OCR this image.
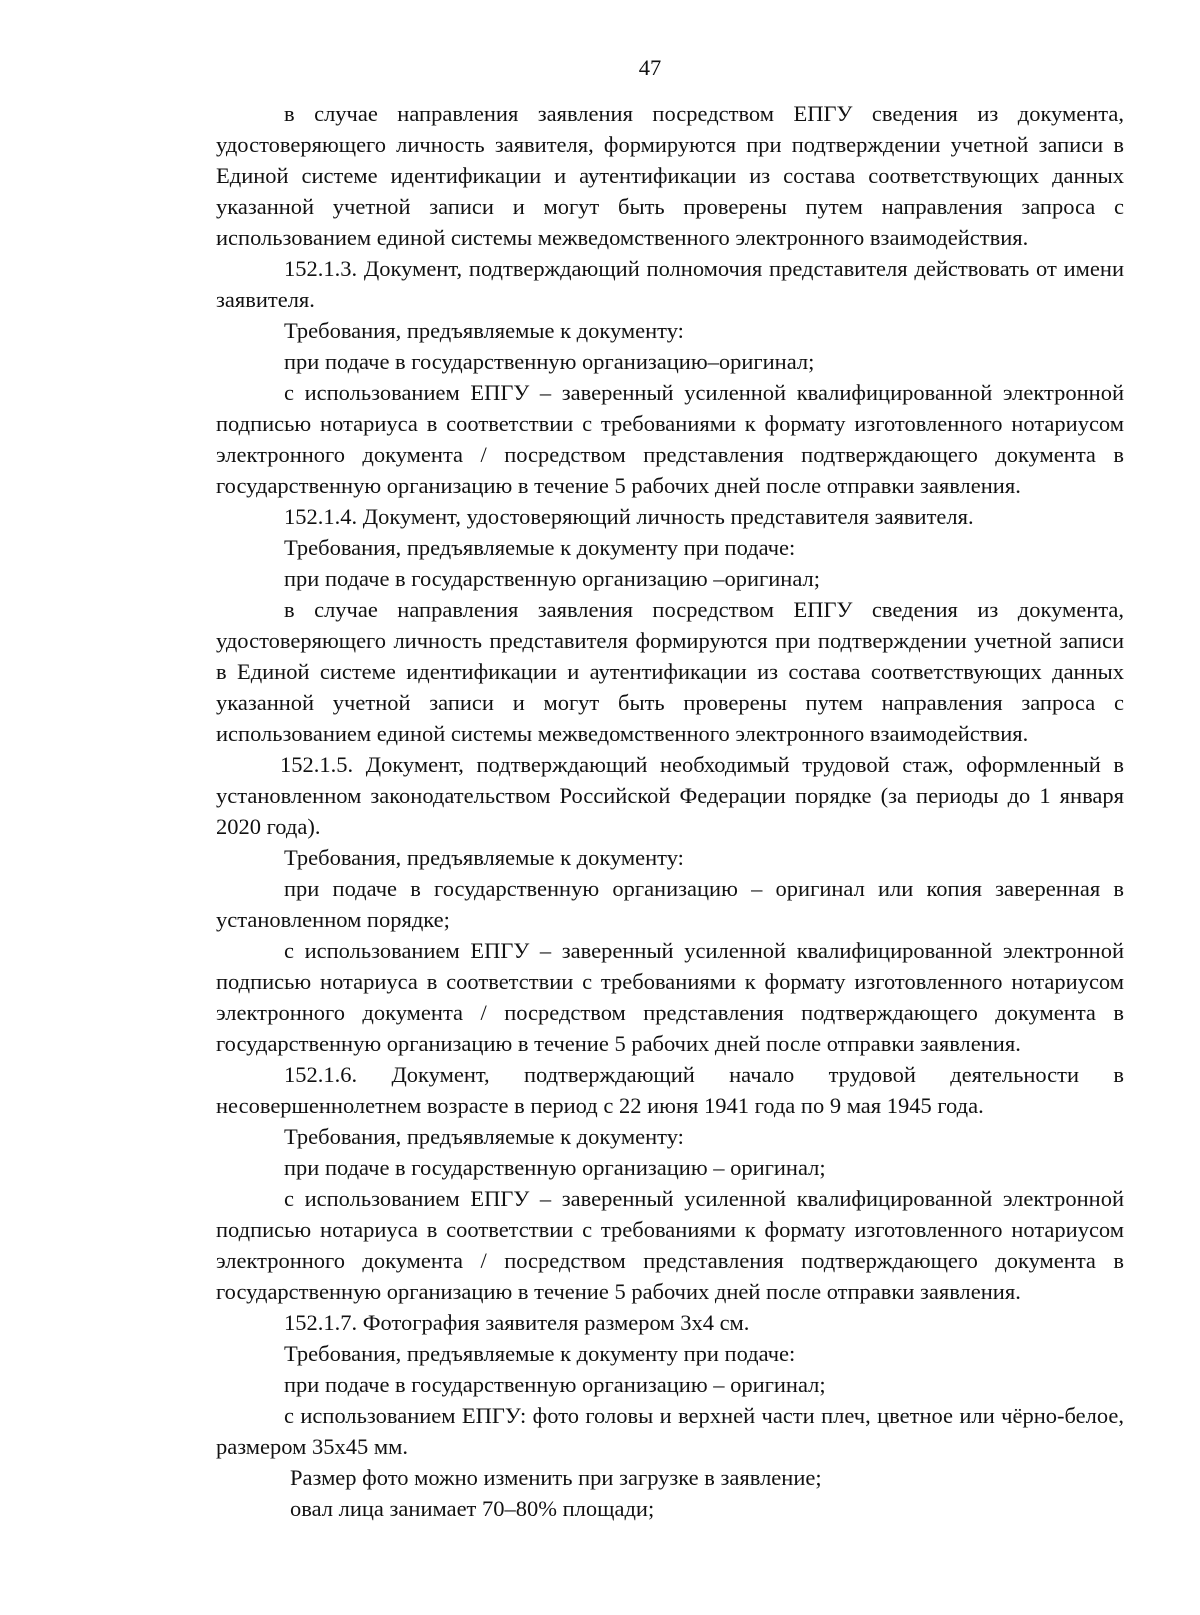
47

в случае направления заявления посредством ЕПГУ сведения из документа, удостоверяющего личность заявителя, формируются при подтверждении учетной записи в Единой системе идентификации и аутентификации из состава соответствующих данных указанной учетной записи и могут быть проверены путем направления запроса с использованием единой системы межведомственного электронного взаимодействия.

152.1.3. Документ, подтверждающий полномочия представителя действовать от имени заявителя.

Требования, предъявляемые к документу:

при подаче в государственную организацию–оригинал;

с использованием ЕПГУ – заверенный усиленной квалифицированной электронной подписью нотариуса в соответствии с требованиями к формату изготовленного нотариусом электронного документа / посредством представления подтверждающего документа в государственную организацию в течение 5 рабочих дней после отправки заявления.

152.1.4. Документ, удостоверяющий личность представителя заявителя.

Требования, предъявляемые к документу при подаче:

при подаче в государственную организацию –оригинал;

в случае направления заявления посредством ЕПГУ сведения из документа, удостоверяющего личность представителя формируются при подтверждении учетной записи в Единой системе идентификации и аутентификации из состава соответствующих данных указанной учетной записи и могут быть проверены путем направления запроса с использованием единой системы межведомственного электронного взаимодействия.

152.1.5. Документ, подтверждающий необходимый трудовой стаж, оформленный в установленном законодательством Российской Федерации порядке (за периоды до 1 января 2020 года).

Требования, предъявляемые к документу:

при подаче в государственную организацию – оригинал или копия заверенная в установленном порядке;

с использованием ЕПГУ – заверенный усиленной квалифицированной электронной подписью нотариуса в соответствии с требованиями к формату изготовленного нотариусом электронного документа / посредством представления подтверждающего документа в государственную организацию в течение 5 рабочих дней после отправки заявления.

152.1.6. Документ, подтверждающий начало трудовой деятельности в несовершеннолетнем возрасте в период с 22 июня 1941 года по 9 мая 1945 года.

Требования, предъявляемые к документу:

при подаче в государственную организацию – оригинал;

с использованием ЕПГУ – заверенный усиленной квалифицированной электронной подписью нотариуса в соответствии с требованиями к формату изготовленного нотариусом электронного документа / посредством представления подтверждающего документа в государственную организацию в течение 5 рабочих дней после отправки заявления.

152.1.7. Фотография заявителя размером 3х4 см.

Требования, предъявляемые к документу при подаче:

при подаче в государственную организацию – оригинал;

с использованием ЕПГУ: фото головы и верхней части плеч, цветное или чёрно-белое, размером 35х45 мм.

Размер фото можно изменить при загрузке в заявление;

овал лица занимает 70–80% площади;
